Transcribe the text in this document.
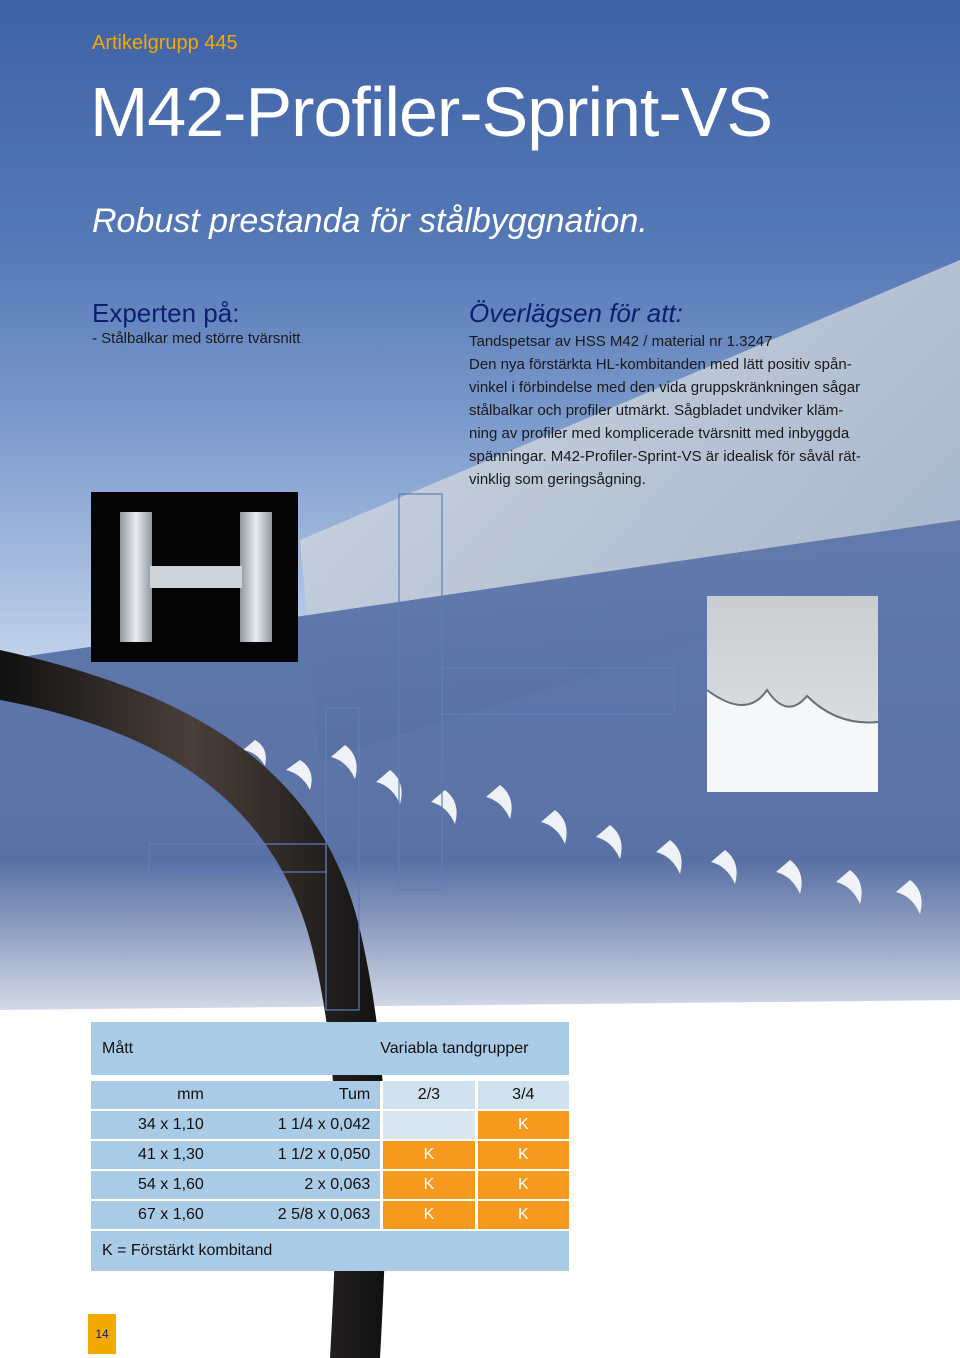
Artikelgrupp 445

M42-Profiler-Sprint-VS
Robust prestanda för stålbyggnation.
Experten på:
- Stålbalkar med större tvärsnitt
Överlägsen för att:

Tandspetsar av HSS M42 / material nr 1.3247

Den nya förstärkta HL-kombitanden med lätt positiv spån-

vinkel i förbindelse med den vida gruppskränkningen sågar

stålbalkar och profiler utmärkt. Sågbladet undviker kläm-

ning av profiler med komplicerade tvärsnitt med inbyggda

spänningar. M42-Profiler-Sprint-VS är idealisk för såväl rät-

vinklig som geringsågning.

Mått		Variabla tandgrupper	

mm	Tum	2/3	3/4

34 x 1,10	1 1/4 x 0,042		K

41 x 1,30	1 1/2 x 0,050	K	K

54 x 1,60	2 x 0,063	K	K

67 x 1,60	2 5/8 x 0,063	K	K

K = Förstärkt kombitand			
14
